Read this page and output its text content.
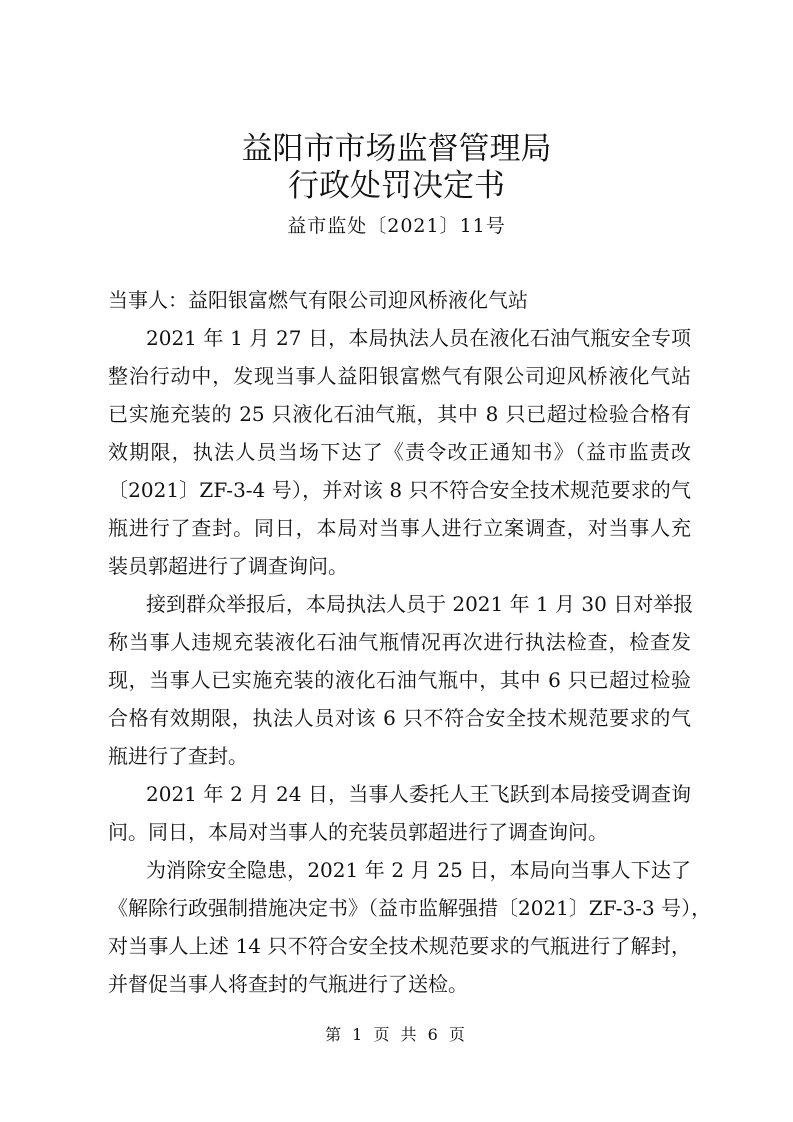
益阳市市场监督管理局
行政处罚决定书
益市监处〔2021〕11号
当事人：益阳银富燃气有限公司迎风桥液化气站
2021 年 1 月 27 日，本局执法人员在液化石油气瓶安全专项
整治行动中，发现当事人益阳银富燃气有限公司迎风桥液化气站
已实施充装的 25 只液化石油气瓶，其中 8 只已超过检验合格有
效期限，执法人员当场下达了《责令改正通知书》（益市监责改
〔2021〕ZF-3-4 号），并对该 8 只不符合安全技术规范要求的气
瓶进行了查封。同日，本局对当事人进行立案调查，对当事人充
装员郭超进行了调查询问。
接到群众举报后，本局执法人员于 2021 年 1 月 30 日对举报
称当事人违规充装液化石油气瓶情况再次进行执法检查，检查发
现，当事人已实施充装的液化石油气瓶中，其中 6 只已超过检验
合格有效期限，执法人员对该 6 只不符合安全技术规范要求的气
瓶进行了查封。
2021 年 2 月 24 日，当事人委托人王飞跃到本局接受调查询
问。同日，本局对当事人的充装员郭超进行了调查询问。
为消除安全隐患，2021 年 2 月 25 日，本局向当事人下达了
《解除行政强制措施决定书》（益市监解强措〔2021〕ZF-3-3 号），
对当事人上述 14 只不符合安全技术规范要求的气瓶进行了解封，
并督促当事人将查封的气瓶进行了送检。
第 1 页 共 6 页
